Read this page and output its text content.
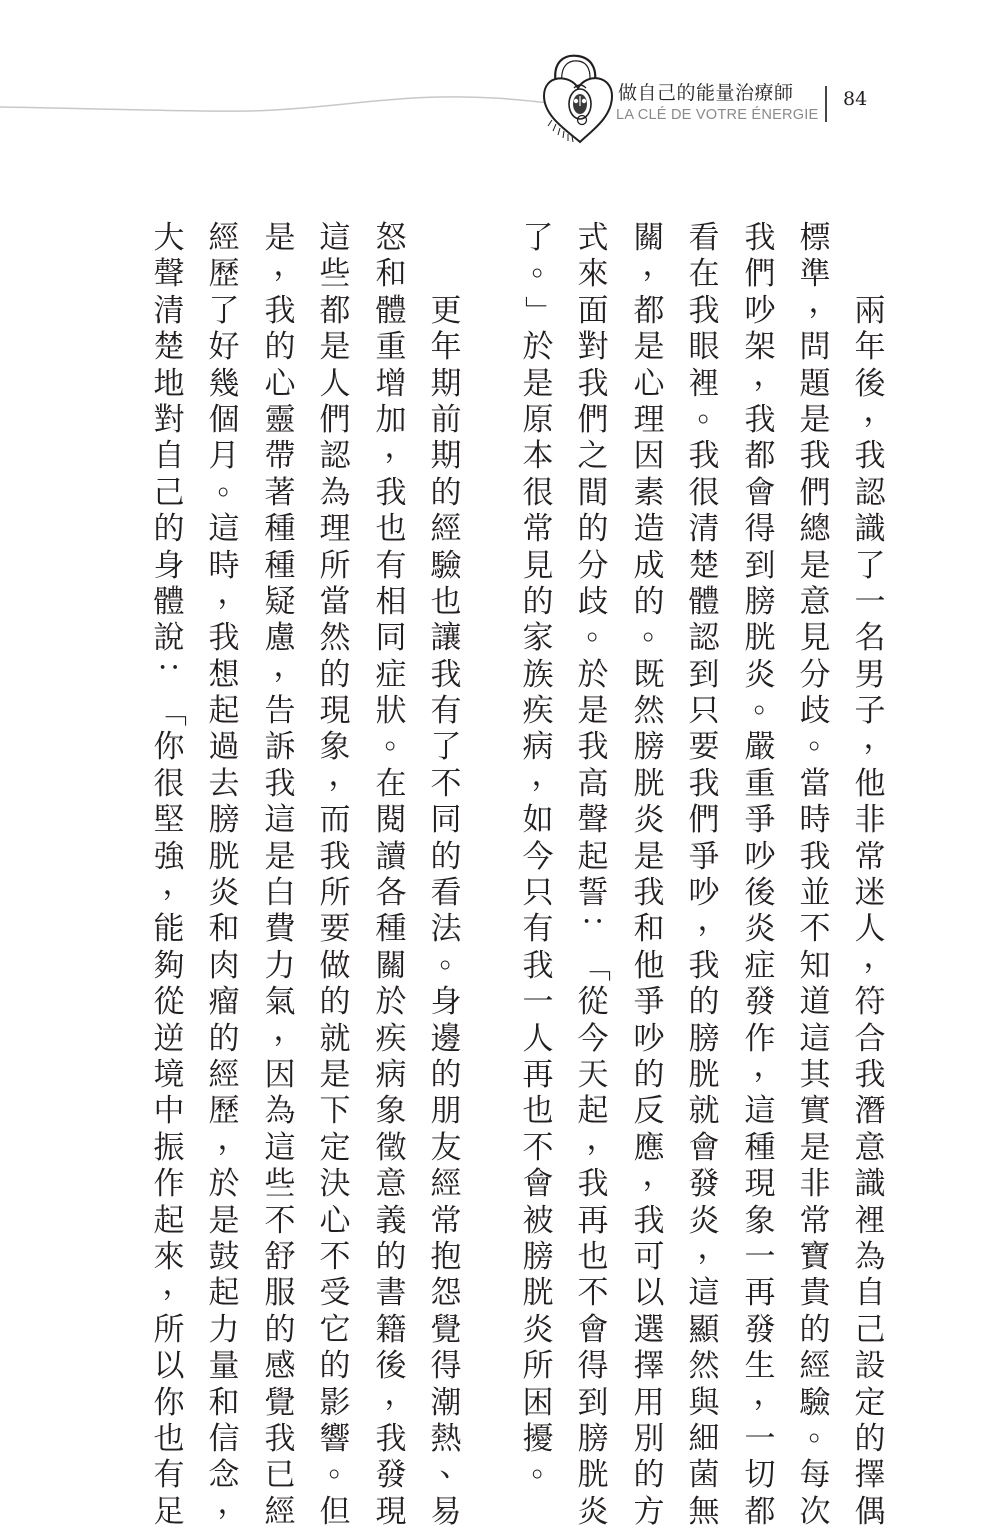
做自己的能量治療師
LA CLÉ DE VOTRE ÉNERGIE
84
兩
年
後
，
我
認
識
了
一
名
男
子
，
他
非
常
迷
人
，
符
合
我
潛
意
識
裡
為
自
己
設
定
的
擇
偶
標
準
，
問
題
是
我
們
總
是
意
見
分
歧
。
當
時
我
並
不
知
道
這
其
實
是
非
常
寶
貴
的
經
驗
。
每
次
我
們
吵
架
，
我
都
會
得
到
膀
胱
炎
。
嚴
重
爭
吵
後
炎
症
發
作
，
這
種
現
象
一
再
發
生
，
一
切
都
看
在
我
眼
裡
。
我
很
清
楚
體
認
到
只
要
我
們
爭
吵
，
我
的
膀
胱
就
會
發
炎
，
這
顯
然
與
細
菌
無
關
，
都
是
心
理
因
素
造
成
的
。
既
然
膀
胱
炎
是
我
和
他
爭
吵
的
反
應
，
我
可
以
選
擇
用
別
的
方
式
來
面
對
我
們
之
間
的
分
歧
。
於
是
我
高
聲
起
誓
：
「
從
今
天
起
，
我
再
也
不
會
得
到
膀
胱
炎
了
。
」
於
是
原
本
很
常
見
的
家
族
疾
病
，
如
今
只
有
我
一
人
再
也
不
會
被
膀
胱
炎
所
困
擾
。
更
年
期
前
期
的
經
驗
也
讓
我
有
了
不
同
的
看
法
。
身
邊
的
朋
友
經
常
抱
怨
覺
得
潮
熱
、
易
怒
和
體
重
增
加
，
我
也
有
相
同
症
狀
。
在
閱
讀
各
種
關
於
疾
病
象
徵
意
義
的
書
籍
後
，
我
發
現
這
些
都
是
人
們
認
為
理
所
當
然
的
現
象
，
而
我
所
要
做
的
就
是
下
定
決
心
不
受
它
的
影
響
。
但
是
，
我
的
心
靈
帶
著
種
種
疑
慮
，
告
訴
我
這
是
白
費
力
氣
，
因
為
這
些
不
舒
服
的
感
覺
我
已
經
經
歷
了
好
幾
個
月
。
這
時
，
我
想
起
過
去
膀
胱
炎
和
肉
瘤
的
經
歷
，
於
是
鼓
起
力
量
和
信
念
，
大
聲
清
楚
地
對
自
己
的
身
體
說
：
「
你
很
堅
強
，
能
夠
從
逆
境
中
振
作
起
來
，
所
以
你
也
有
足
